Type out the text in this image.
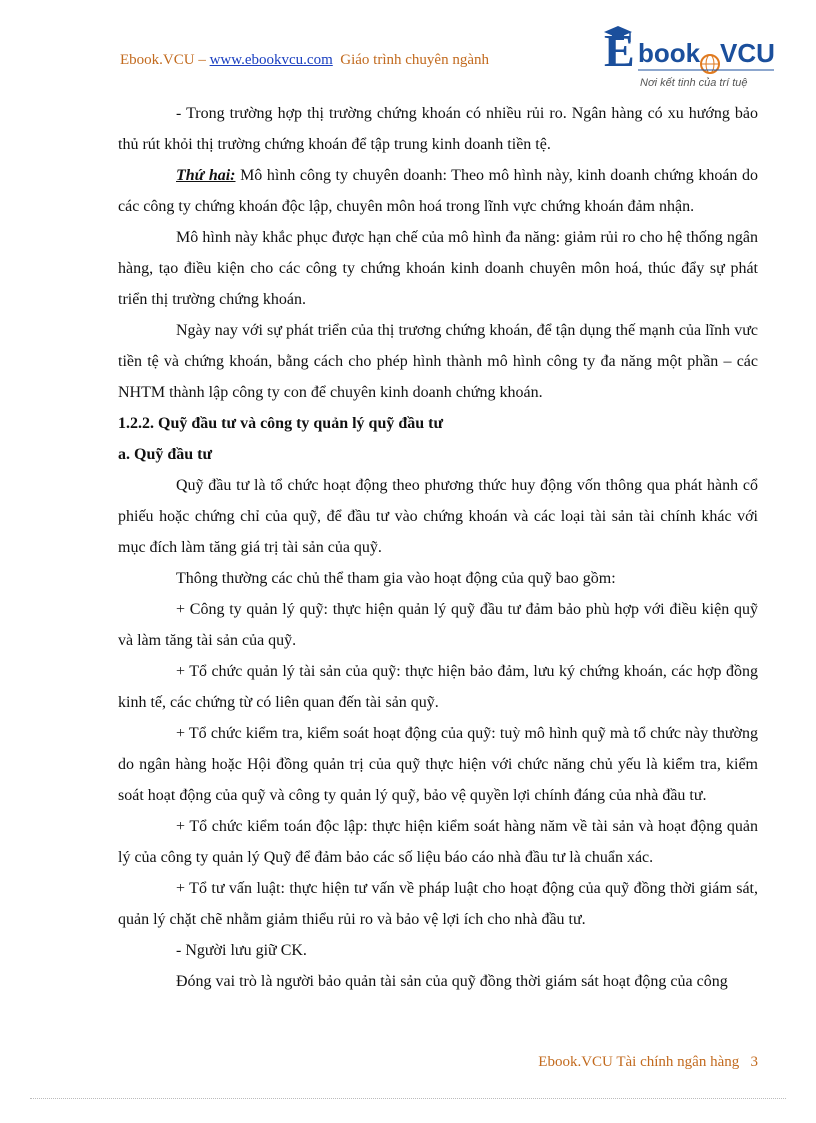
Ebook.VCU – www.ebookvcu.com Giáo trình chuyên ngành	E book VCU
Nơi kết tinh của trí tuệ

- Trong trường hợp thị trường chứng khoán có nhiều rủi ro. Ngân hàng có xu hướng bảo thủ rút khỏi thị trường chứng khoán để tập trung kinh doanh tiền tệ.

Thứ hai: Mô hình công ty chuyên doanh: Theo mô hình này, kinh doanh chứng khoán do các công ty chứng khoán độc lập, chuyên môn hoá trong lĩnh vực chứng khoán đảm nhận.

Mô hình này khắc phục được hạn chế của mô hình đa năng: giảm rủi ro cho hệ thống ngân hàng, tạo điều kiện cho các công ty chứng khoán kinh doanh chuyên môn hoá, thúc đẩy sự phát triển thị trường chứng khoán.

Ngày nay với sự phát triển của thị trương chứng khoán, để tận dụng thế mạnh của lĩnh vưc tiền tệ và chứng khoán, bằng cách cho phép hình thành mô hình công ty đa năng một phần – các NHTM thành lập công ty con để chuyên kinh doanh chứng khoán.

1.2.2. Quỹ đầu tư và công ty quản lý quỹ đầu tư

a. Quỹ đầu tư

Quỹ đầu tư là tổ chức hoạt động theo phương thức huy động vốn thông qua phát hành cổ phiếu hoặc chứng chỉ của quỹ, để đầu tư vào chứng khoán và các loại tài sản tài chính khác với mục đích làm tăng giá trị tài sản của quỹ.

Thông thường các chủ thể tham gia vào hoạt động của quỹ bao gồm:

+ Công ty quản lý quỹ: thực hiện quản lý quỹ đầu tư đảm bảo phù hợp với điều kiện quỹ và làm tăng tài sản của quỹ.

+ Tổ chức quản lý tài sản của quỹ: thực hiện bảo đảm, lưu ký chứng khoán, các hợp đồng kinh tế, các chứng từ có liên quan đến tài sản quỹ.

+ Tổ chức kiểm tra, kiểm soát hoạt động của quỹ: tuỳ mô hình quỹ mà tổ chức này thường do ngân hàng hoặc Hội đồng quản trị của quỹ thực hiện với chức năng chủ yếu là kiểm tra, kiểm soát hoạt động của quỹ và công ty quản lý quỹ, bảo vệ quyền lợi chính đáng của nhà đầu tư.

+ Tổ chức kiểm toán độc lập: thực hiện kiểm soát hàng năm về tài sản và hoạt động quản lý của công ty quản lý Quỹ để đảm bảo các số liệu báo cáo nhà đầu tư là chuẩn xác.

+ Tổ tư vấn luật: thực hiện tư vấn về pháp luật cho hoạt động của quỹ đồng thời giám sát, quản lý chặt chẽ nhằm giảm thiểu rủi ro và bảo vệ lợi ích cho nhà đầu tư.

- Người lưu giữ CK.

Đóng vai trò là người bảo quản tài sản của quỹ đồng thời giám sát hoạt động của công

Ebook.VCU Tài chính ngân hàng 3
